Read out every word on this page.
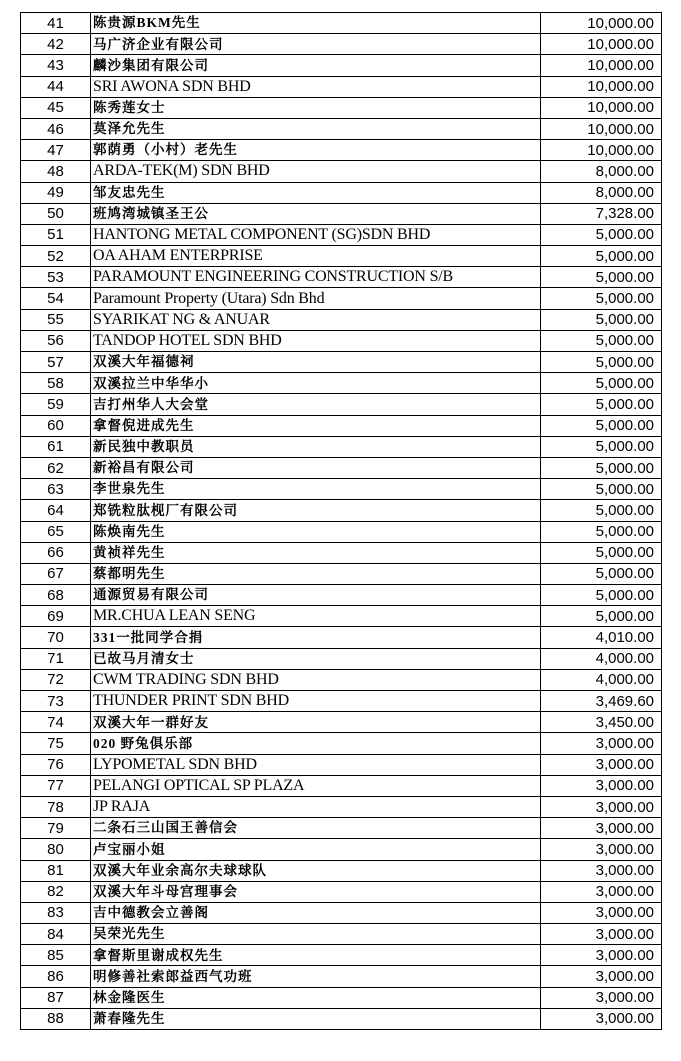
41	陈贵源BKM先生	10,000.00
42	马广济企业有限公司	10,000.00
43	麟沙集团有限公司	10,000.00
44	SRI AWONA SDN BHD	10,000.00
45	陈秀莲女士	10,000.00
46	莫泽允先生	10,000.00
47	郭荫勇（小村）老先生	10,000.00
48	ARDA-TEK(M) SDN BHD	8,000.00
49	邹友忠先生	8,000.00
50	班鸠湾城镇圣王公	7,328.00
51	HANTONG METAL COMPONENT (SG)SDN BHD	5,000.00
52	OA AHAM ENTERPRISE	5,000.00
53	PARAMOUNT ENGINEERING CONSTRUCTION S/B	5,000.00
54	Paramount Property (Utara) Sdn Bhd	5,000.00
55	SYARIKAT NG & ANUAR	5,000.00
56	TANDOP HOTEL SDN BHD	5,000.00
57	双溪大年福德祠	5,000.00
58	双溪拉兰中华华小	5,000.00
59	吉打州华人大会堂	5,000.00
60	拿督倪进成先生	5,000.00
61	新民独中教职员	5,000.00
62	新裕昌有限公司	5,000.00
63	李世泉先生	5,000.00
64	郑铣粒肽枧厂有限公司	5,000.00
65	陈焕南先生	5,000.00
66	黄祯祥先生	5,000.00
67	蔡都明先生	5,000.00
68	通源贸易有限公司	5,000.00
69	MR.CHUA LEAN SENG	5,000.00
70	331一批同学合捐	4,010.00
71	已故马月清女士	4,000.00
72	CWM TRADING SDN BHD	4,000.00
73	THUNDER PRINT SDN BHD	3,469.60
74	双溪大年一群好友	3,450.00
75	020 野兔俱乐部	3,000.00
76	LYPOMETAL SDN BHD	3,000.00
77	PELANGI OPTICAL SP PLAZA	3,000.00
78	JP RAJA	3,000.00
79	二条石三山国王善信会	3,000.00
80	卢宝丽小姐	3,000.00
81	双溪大年业余高尔夫球球队	3,000.00
82	双溪大年斗母宫理事会	3,000.00
83	吉中德教会立善阁	3,000.00
84	吴荣光先生	3,000.00
85	拿督斯里谢成权先生	3,000.00
86	明修善社索郎益西气功班	3,000.00
87	林金隆医生	3,000.00
88	萧春隆先生	3,000.00
